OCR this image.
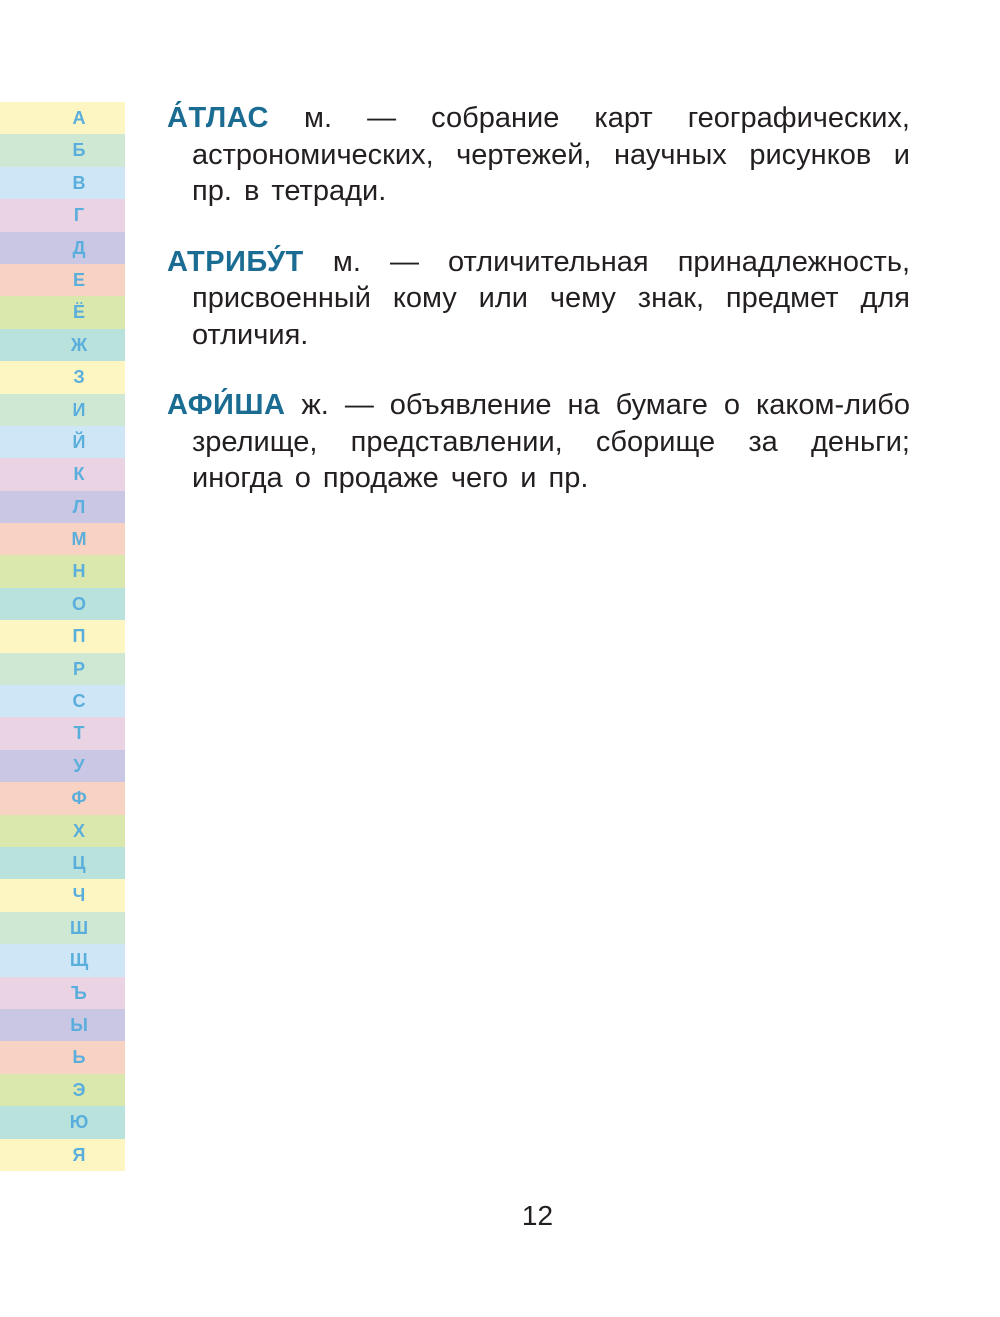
А
Б
В
Г
Д
Е
Ё
Ж
З
И
Й
К
Л
М
Н
О
П
Р
С
Т
У
Ф
Х
Ц
Ч
Ш
Щ
Ъ
Ы
Ь
Э
Ю
Я

А́ТЛАС м. — собрание карт географических, астрономических, чертежей, научных рисунков и пр. в тетради.

АТРИБУ́Т м. — отличительная принадлежность, присвоенный кому или чему знак, предмет для отличия.

АФИ́ША ж. — объявление на бумаге о каком-либо зрелище, представлении, сборище за деньги; иногда о продаже чего и пр.

12
